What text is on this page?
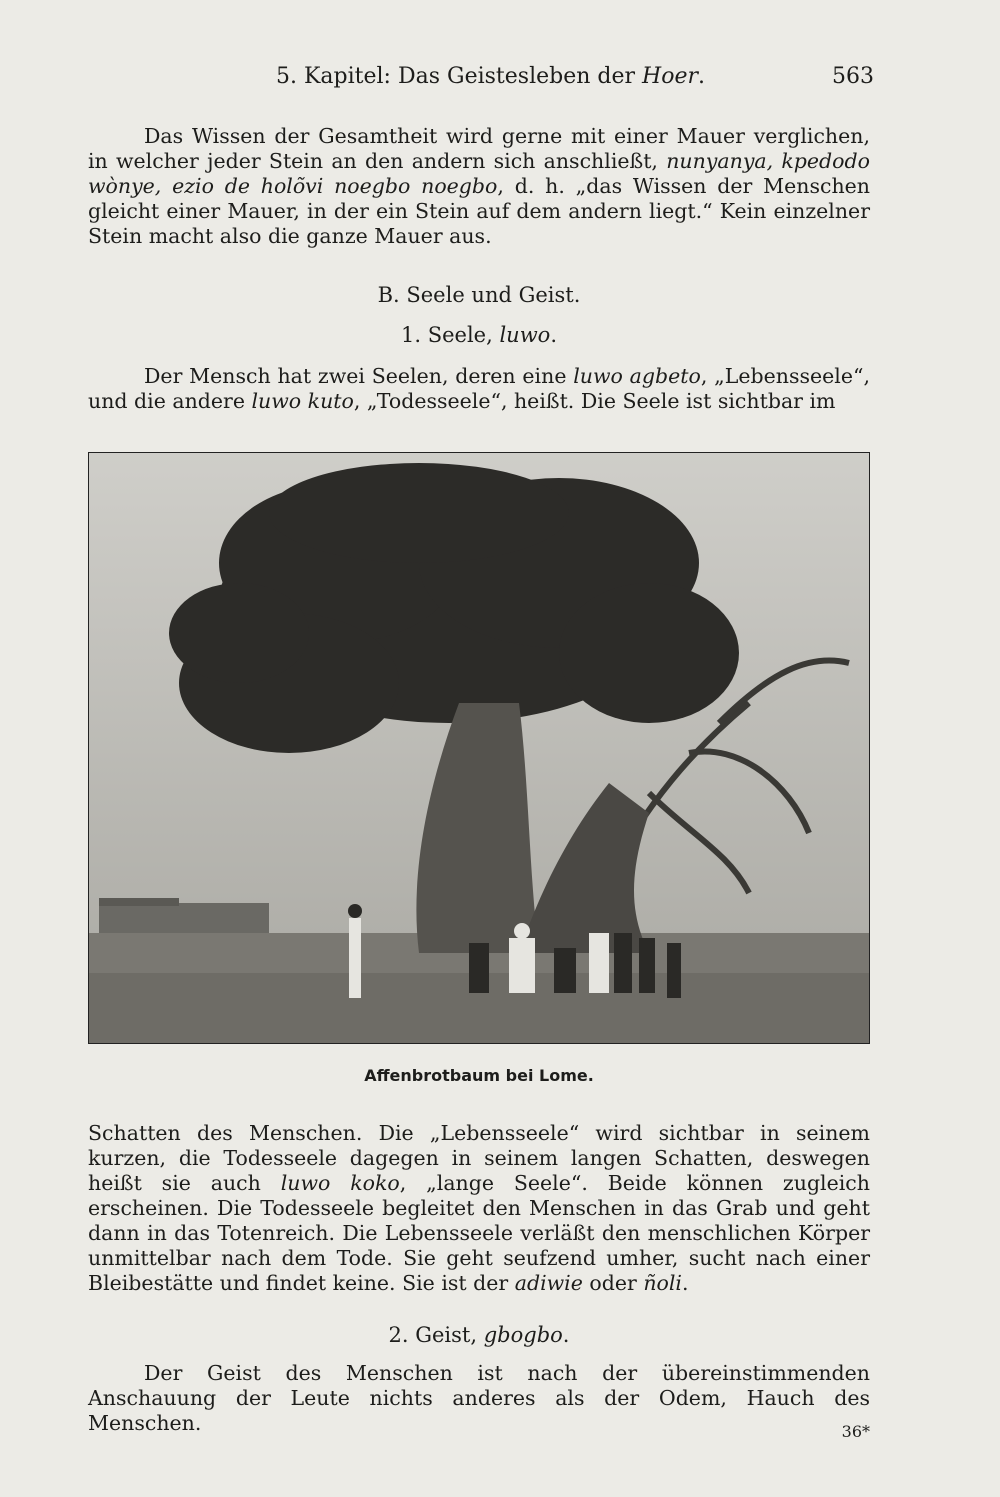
5. Kapitel: Das Geistesleben der Hoer.	563

Das Wissen der Gesamtheit wird gerne mit einer Mauer verglichen, in welcher jeder Stein an den andern sich anschließt, nunyanya, kpedodo wònye, ezio de holõvi noegbo noegbo, d. h. „das Wissen der Menschen gleicht einer Mauer, in der ein Stein auf dem andern liegt.“ Kein einzelner Stein macht also die ganze Mauer aus.

B. Seele und Geist.
1. Seele, luwo.

Der Mensch hat zwei Seelen, deren eine luwo agbeto, „Lebensseele“, und die andere luwo kuto, „Todesseele“, heißt. Die Seele ist sichtbar im

Affenbrotbaum bei Lome.

Schatten des Menschen. Die „Lebensseele“ wird sichtbar in seinem kurzen, die Todesseele dagegen in seinem langen Schatten, deswegen heißt sie auch luwo koko, „lange Seele“. Beide können zugleich erscheinen. Die Todesseele begleitet den Menschen in das Grab und geht dann in das Totenreich. Die Lebensseele verläßt den menschlichen Körper unmittelbar nach dem Tode. Sie geht seufzend umher, sucht nach einer Bleibestätte und findet keine. Sie ist der adiwie oder ñoli.

2. Geist, gbogbo.

Der Geist des Menschen ist nach der übereinstimmenden Anschauung der Leute nichts anderes als der Odem, Hauch des Menschen.	36*
